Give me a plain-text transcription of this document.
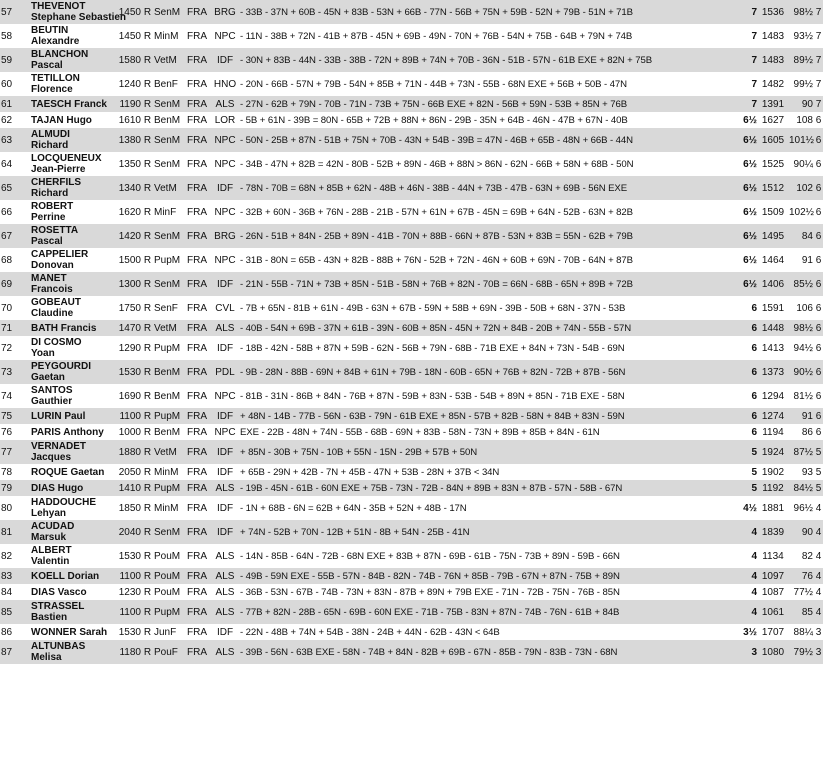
57	THEVENOT
Stephane Sebastien	1450	R	SenM	FRA	BRG	- 33B - 37N + 60B - 45N + 83B - 53N + 66B - 77N - 56B + 75N + 59B - 52N + 79B - 51N + 71B	7	1536	98½	7
58	BEUTIN
Alexandre	1450	R	MinM	FRA	NPC	- 11N - 38B + 72N - 41B + 87B - 45N + 69B - 49N - 70N + 76B - 54N + 75B - 64B + 79N + 74B	7	1483	93½	7
59	BLANCHON
Pascal	1580	R	VetM	FRA	IDF	- 30N + 83B - 44N - 33B - 38B - 72N + 89B + 74N + 70B - 36N - 51B - 57N - 61B EXE + 82N + 75B	7	1483	89½	7
60	TETILLON
Florence	1240	R	BenF	FRA	HNO	- 20N - 66B - 57N + 79B - 54N + 85B + 71N - 44B + 73N - 55B - 68N EXE + 56B + 50B - 47N	7	1482	99½	7
61	TAESCH Franck	1190	R	SenM	FRA	ALS	- 27N - 62B + 79N - 70B - 71N - 73B + 75N - 66B EXE + 82N - 56B + 59N - 53B + 85N + 76B	7	1391	90	7
62	TAJAN Hugo	1610	R	BenM	FRA	LOR	- 5B + 61N - 39B = 80N - 65B + 72B + 88N + 86N - 29B - 35N + 64B - 46N - 47B + 67N - 40B	6½	1627	108	6
63	ALMUDI
Richard	1380	R	SenM	FRA	NPC	- 50N - 25B + 87N - 51B + 75N + 70B - 43N + 54B - 39B = 47N - 46B + 65B - 48N + 66B - 44N	6½	1605	101½	6
64	LOCQUENEUX
Jean-Pierre	1350	R	SenM	FRA	NPC	- 34B - 47N + 82B = 42N - 80B - 52B + 89N - 46B + 88N > 86N - 62N - 66B + 58N + 68B - 50N	6½	1525	90¼	6
65	CHERFILS
Richard	1340	R	VetM	FRA	IDF	- 78N - 70B = 68N + 85B + 62N - 48B + 46N - 38B - 44N + 73B - 47B - 63N + 69B - 56N EXE	6½	1512	102	6
66	ROBERT
Perrine	1620	R	MinF	FRA	NPC	- 32B + 60N - 36B + 76N - 28B - 21B - 57N + 61N + 67B - 45N = 69B + 64N - 52B - 63N + 82B	6½	1509	102½	6
67	ROSETTA
Pascal	1420	R	SenM	FRA	BRG	- 26N - 51B + 84N - 25B + 89N - 41B - 70N + 88B - 66N + 87B - 53N + 83B = 55N - 62B + 79B	6½	1495	84	6
68	CAPPELIER
Donovan	1500	R	PupM	FRA	NPC	- 31B - 80N = 65B - 43N + 82B - 88B + 76N - 52B + 72N - 46N + 60B + 69N - 70B - 64N + 87B	6½	1464	91	6
69	MANET
Francois	1300	R	SenM	FRA	IDF	- 21N - 55B - 71N + 73B + 85N - 51B - 58N + 76B + 82N - 70B = 66N - 68B - 65N + 89B + 72B	6½	1406	85½	6
70	GOBEAUT
Claudine	1750	R	SenF	FRA	CVL	- 7B + 65N - 81B + 61N - 49B - 63N + 67B - 59N + 58B + 69N - 39B - 50B + 68N - 37N - 53B	6	1591	106	6
71	BATH Francis	1470	R	VetM	FRA	ALS	- 40B - 54N + 69B - 37N + 61B - 39N - 60B + 85N - 45N + 72N + 84B - 20B + 74N - 55B - 57N	6	1448	98½	6
72	DI COSMO
Yoan	1290	R	PupM	FRA	IDF	- 18B - 42N - 58B + 87N + 59B - 62N - 56B + 79N - 68B - 71B EXE + 84N + 73N - 54B - 69N	6	1413	94½	6
73	PEYGOURDI
Gaetan	1530	R	BenM	FRA	PDL	- 9B - 28N - 88B - 69N + 84B + 61N + 79B - 18N - 60B - 65N + 76B + 82N - 72B + 87B - 56N	6	1373	90½	6
74	SANTOS
Gauthier	1690	R	BenM	FRA	NPC	- 81B - 31N - 86B + 84N - 76B + 87N - 59B + 83N - 53B - 54B + 89N + 85N - 71B EXE - 58N	6	1294	81½	6
75	LURIN Paul	1100	R	PupM	FRA	IDF	+ 48N - 14B - 77B - 56N - 63B - 79N - 61B EXE + 85N - 57B + 82B - 58N + 84B + 83N - 59N	6	1274	91	6
76	PARIS Anthony	1000	R	BenM	FRA	NPC	EXE - 22B - 48N + 74N - 55B - 68B - 69N + 83B - 58N - 73N + 89B + 85B + 84N - 61N	6	1194	86	6
77	VERNADET
Jacques	1880	R	VetM	FRA	IDF	+ 85N - 30B + 75N - 10B + 55N - 15N - 29B + 57B + 50N	5	1924	87½	5
78	ROQUE Gaetan	2050	R	MinM	FRA	IDF	+ 65B - 29N + 42B - 7N + 45B - 47N + 53B - 28N + 37B < 34N	5	1902	93	5
79	DIAS Hugo	1410	R	PupM	FRA	ALS	- 19B - 45N - 61B - 60N EXE + 75B - 73N - 72B - 84N + 89B + 83N + 87B - 57N - 58B - 67N	5	1192	84½	5
80	HADDOUCHE
Lehyan	1850	R	MinM	FRA	IDF	- 1N + 68B - 6N = 62B + 64N - 35B + 52N + 48B - 17N	4½	1881	96½	4
81	ACUDAD
Marsuk	2040	R	SenM	FRA	IDF	+ 74N - 52B + 70N - 12B + 51N - 8B + 54N - 25B - 41N	4	1839	90	4
82	ALBERT
Valentin	1530	R	PouM	FRA	ALS	- 14N - 85B - 64N - 72B - 68N EXE + 83B + 87N - 69B - 61B - 75N - 73B + 89N - 59B - 66N	4	1134	82	4
83	KOELL Dorian	1100	R	PouM	FRA	ALS	- 49B - 59N EXE - 55B - 57N - 84B - 82N - 74B - 76N + 85B - 79B - 67N + 87N - 75B + 89N	4	1097	76	4
84	DIAS Vasco	1230	R	PouM	FRA	ALS	- 36B - 53N - 67B - 74B - 73N + 83N - 87B + 89N + 79B EXE - 71N - 72B - 75N - 76B - 85N	4	1087	77½	4
85	STRASSEL
Bastien	1100	R	PupM	FRA	ALS	- 77B + 82N - 28B - 65N - 69B - 60N EXE - 71B - 75B - 83N + 87N - 74B - 76N - 61B + 84B	4	1061	85	4
86	WONNER Sarah	1530	R	JunF	FRA	IDF	- 22N - 48B + 74N + 54B - 38N - 24B + 44N - 62B - 43N < 64B	3½	1707	88¼	3
87	ALTUNBAS
Melisa	1180	R	PouF	FRA	ALS	- 39B - 56N - 63B EXE - 58N - 74B + 84N - 82B + 69B - 67N - 85B - 79N - 83B - 73N - 68N	3	1080	79½	3
